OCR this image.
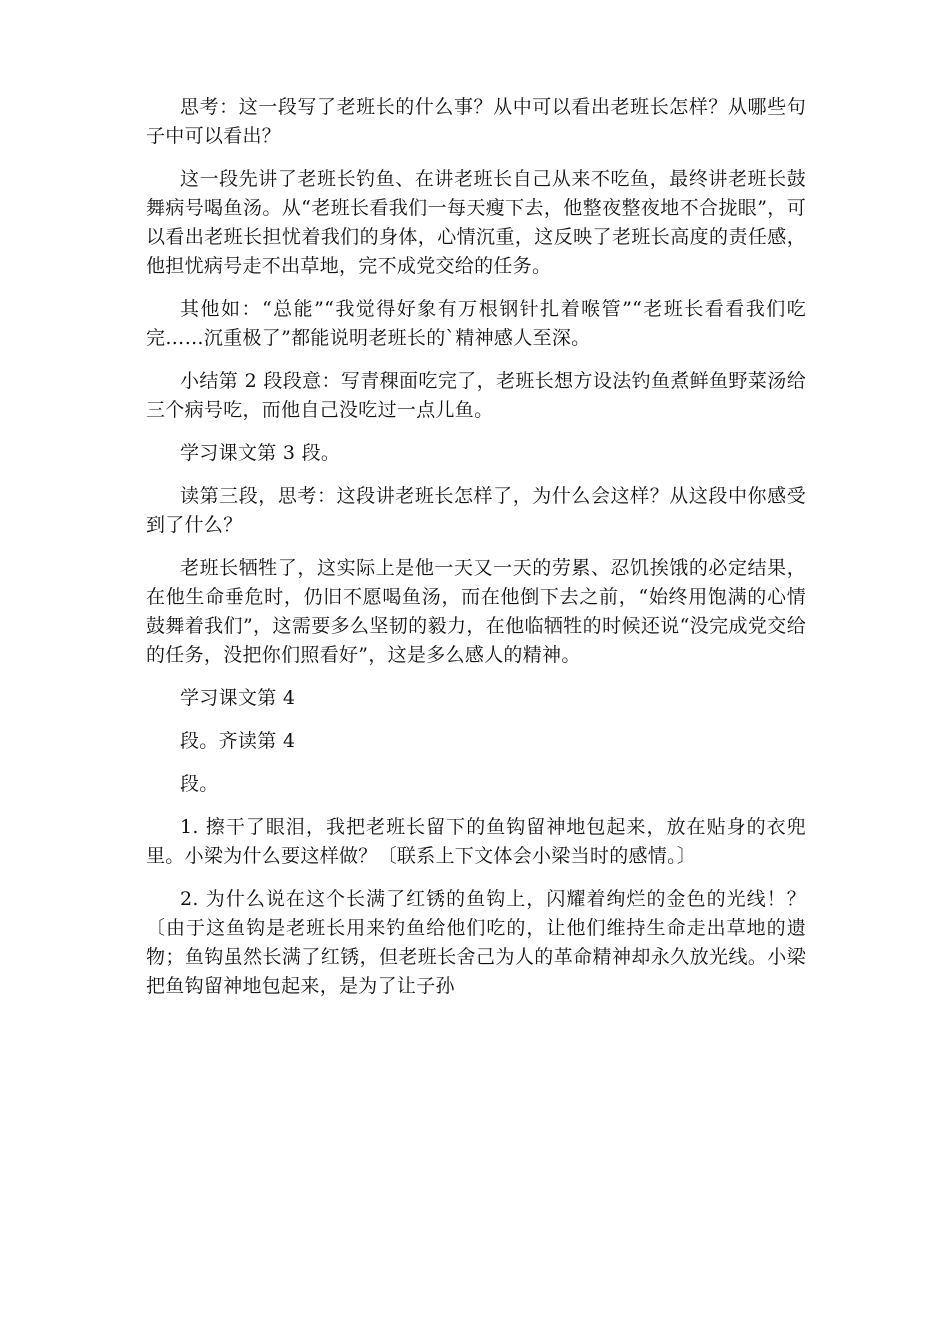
思考：这一段写了老班长的什么事？从中可以看出老班长怎样？从哪些句子中可以看出？

这一段先讲了老班长钓鱼、在讲老班长自己从来不吃鱼，最终讲老班长鼓舞病号喝鱼汤。从“老班长看我们一每天瘦下去，他整夜整夜地不合拢眼”，可以看出老班长担忧着我们的身体，心情沉重，这反映了老班长高度的责任感，他担忧病号走不出草地，完不成党交给的任务。

其他如：“总能”“我觉得好象有万根钢针扎着喉管”“老班长看看我们吃完……沉重极了”都能说明老班长的`精神感人至深。

小结第 2 段段意：写青稞面吃完了，老班长想方设法钓鱼煮鲜鱼野菜汤给三个病号吃，而他自己没吃过一点儿鱼。

学习课文第 3 段。

读第三段，思考：这段讲老班长怎样了，为什么会这样？从这段中你感受到了什么？

老班长牺牲了，这实际上是他一天又一天的劳累、忍饥挨饿的必定结果，在他生命垂危时，仍旧不愿喝鱼汤，而在他倒下去之前，“始终用饱满的心情鼓舞着我们”，这需要多么坚韧的毅力，在他临牺牲的时候还说“没完成党交给的任务，没把你们照看好”，这是多么感人的精神。

学习课文第 4

段。齐读第 4

段。

1. 擦干了眼泪，我把老班长留下的鱼钩留神地包起来，放在贴身的衣兜里。小梁为什么要这样做？〔联系上下文体会小梁当时的感情。〕

2. 为什么说在这个长满了红锈的鱼钩上，闪耀着绚烂的金色的光线！？〔由于这鱼钩是老班长用来钓鱼给他们吃的，让他们维持生命走出草地的遗物；鱼钩虽然长满了红锈，但老班长舍己为人的革命精神却永久放光线。小梁把鱼钩留神地包起来，是为了让子孙
